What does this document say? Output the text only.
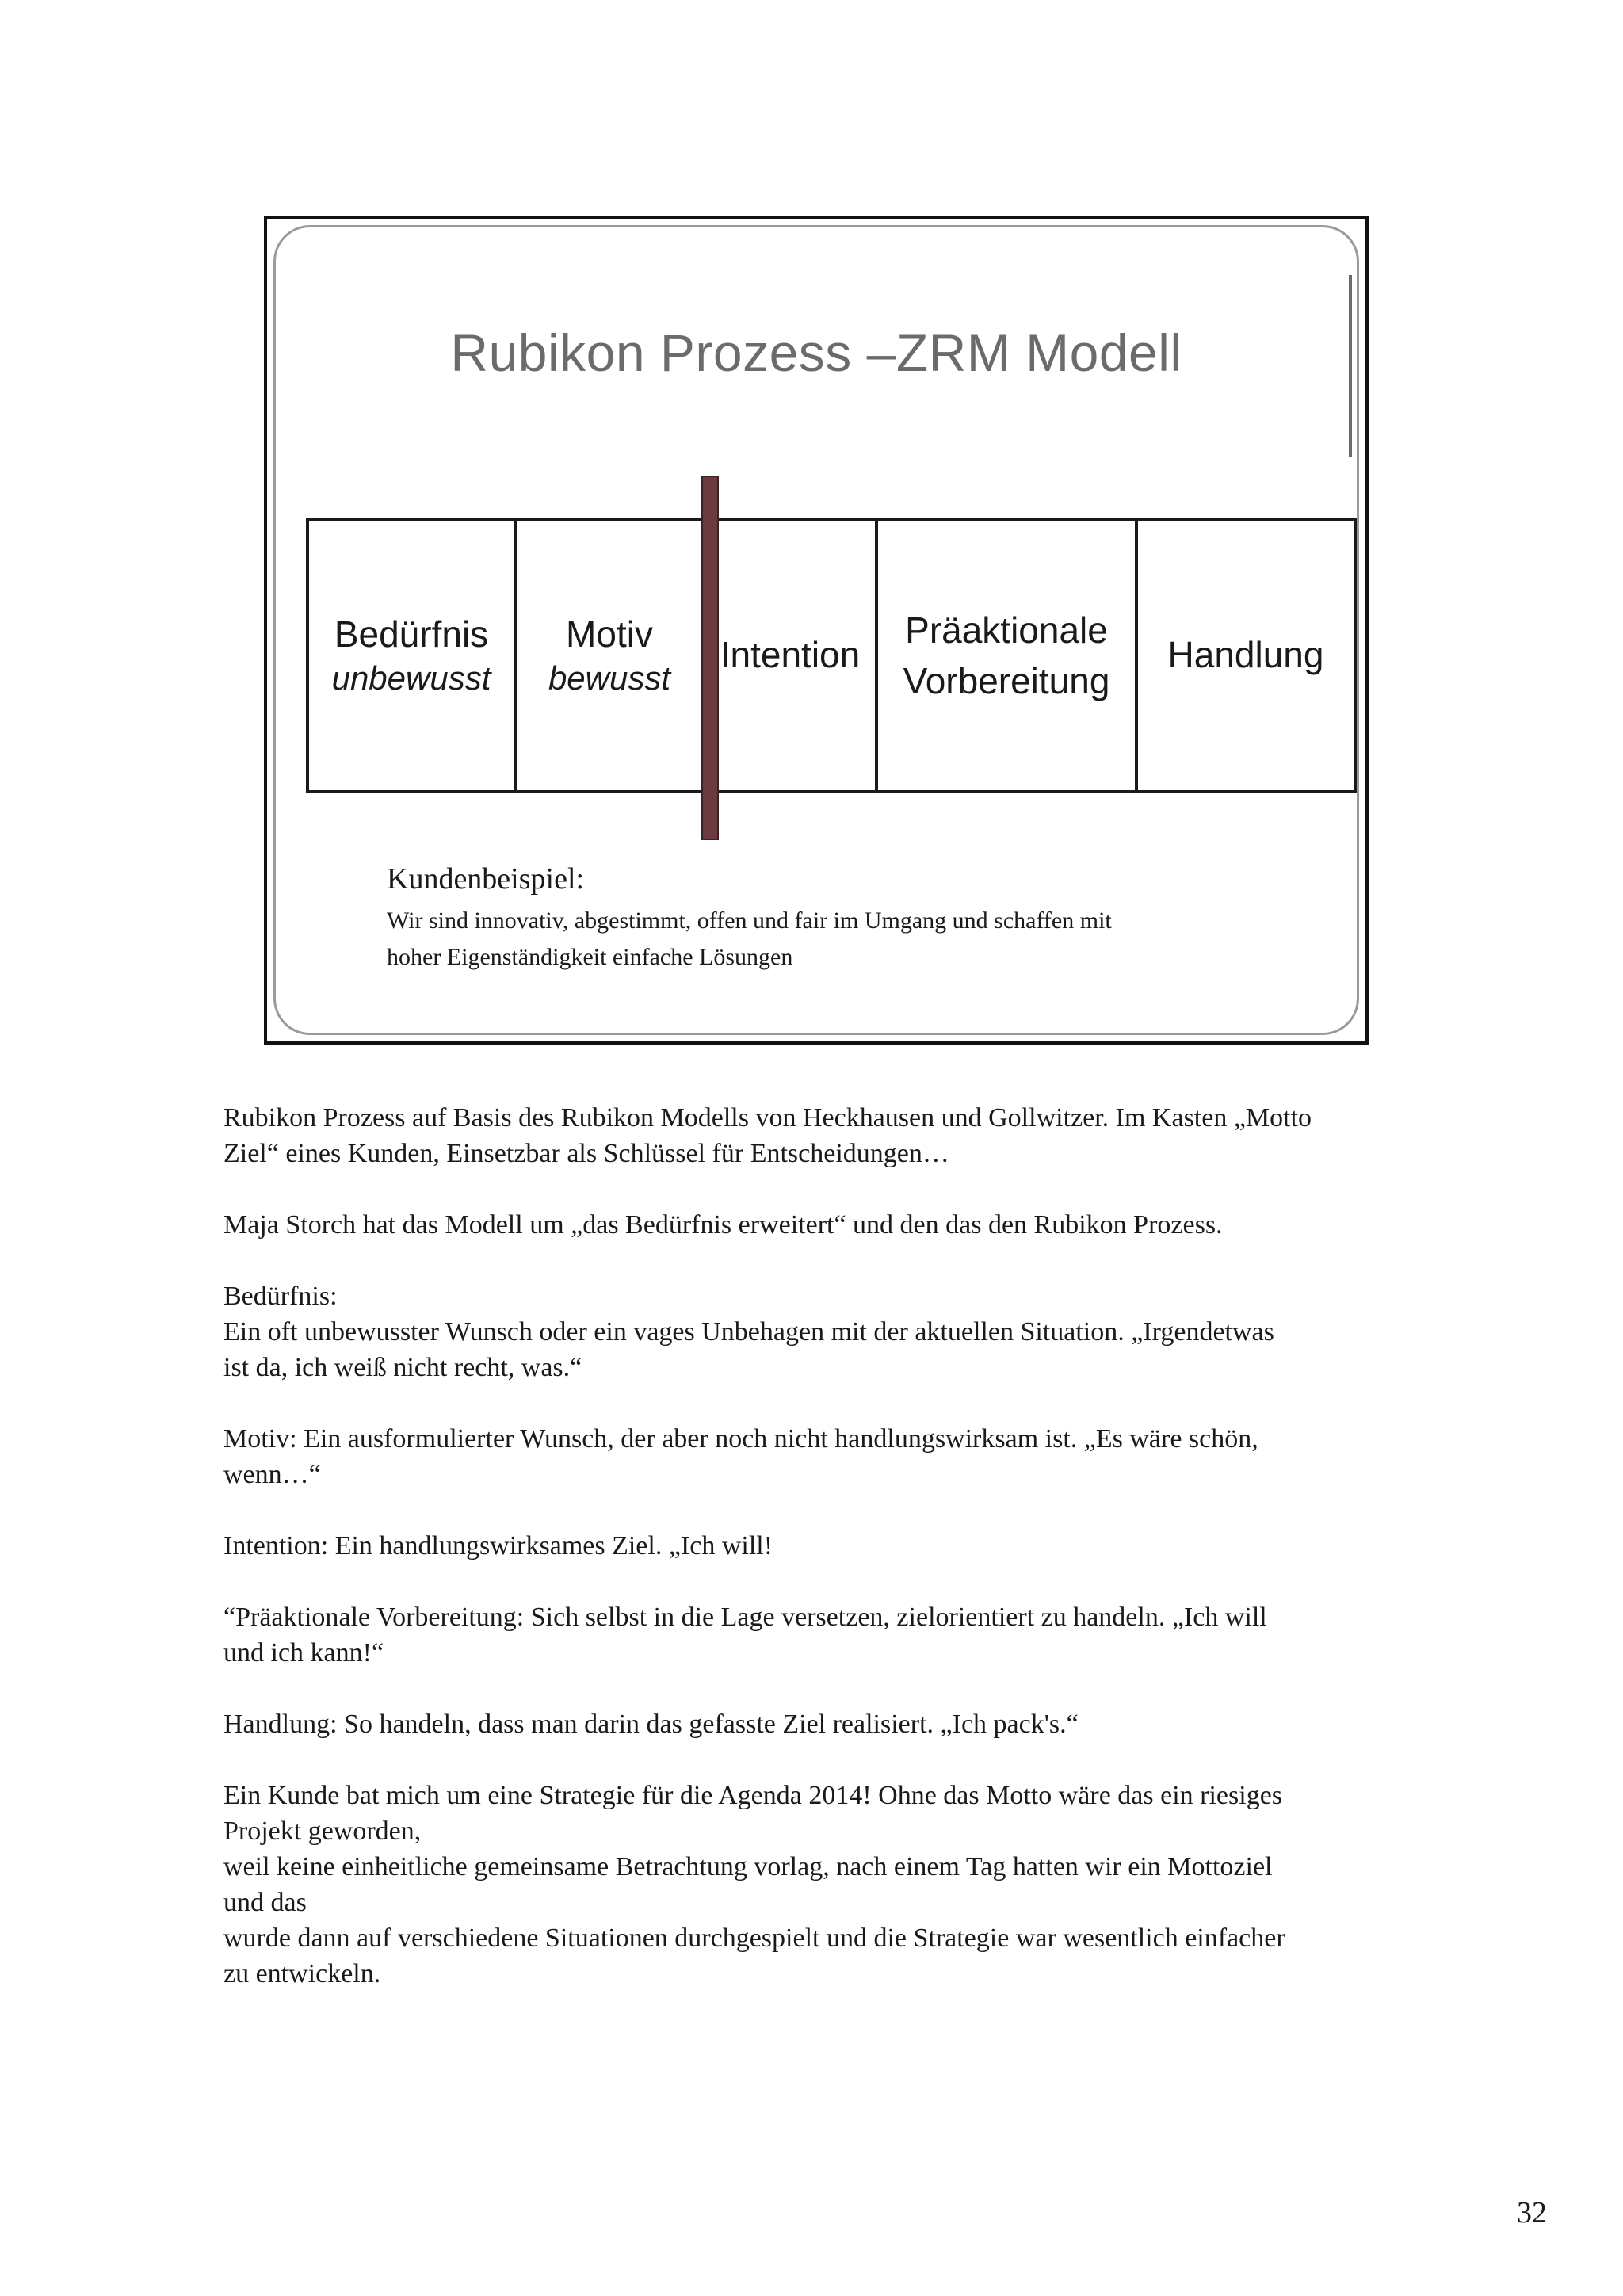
Rubikon Prozess –ZRM Modell
Bedürfnis
unbewusst
Motiv
bewusst
Intention
Präaktionale
Vorbereitung
Handlung
Kundenbeispiel:
Wir sind innovativ, abgestimmt, offen und fair im Umgang und schaffen mit
hoher Eigenständigkeit einfache Lösungen

Rubikon Prozess auf Basis des Rubikon Modells von Heckhausen und Gollwitzer. Im Kasten „Motto
Ziel“ eines Kunden, Einsetzbar als Schlüssel für Entscheidungen…

Maja Storch hat das Modell um „das Bedürfnis erweitert“ und den das den Rubikon Prozess.

Bedürfnis:
Ein oft unbewusster Wunsch oder ein vages Unbehagen mit der aktuellen Situation. „Irgendetwas
ist da, ich weiß nicht recht, was.“

Motiv: Ein ausformulierter Wunsch, der aber noch nicht handlungswirksam ist. „Es wäre schön,
wenn…“

Intention: Ein handlungswirksames Ziel. „Ich will!

“Präaktionale Vorbereitung: Sich selbst in die Lage versetzen, zielorientiert zu handeln. „Ich will
und ich kann!“

Handlung: So handeln, dass man darin das gefasste Ziel realisiert. „Ich pack's.“

Ein Kunde bat mich um eine Strategie für die Agenda 2014! Ohne das Motto wäre das ein riesiges
Projekt geworden,
weil keine einheitliche gemeinsame Betrachtung vorlag, nach einem Tag hatten wir ein Mottoziel
und das
wurde dann auf verschiedene Situationen durchgespielt und die Strategie war wesentlich einfacher
zu entwickeln.

32
